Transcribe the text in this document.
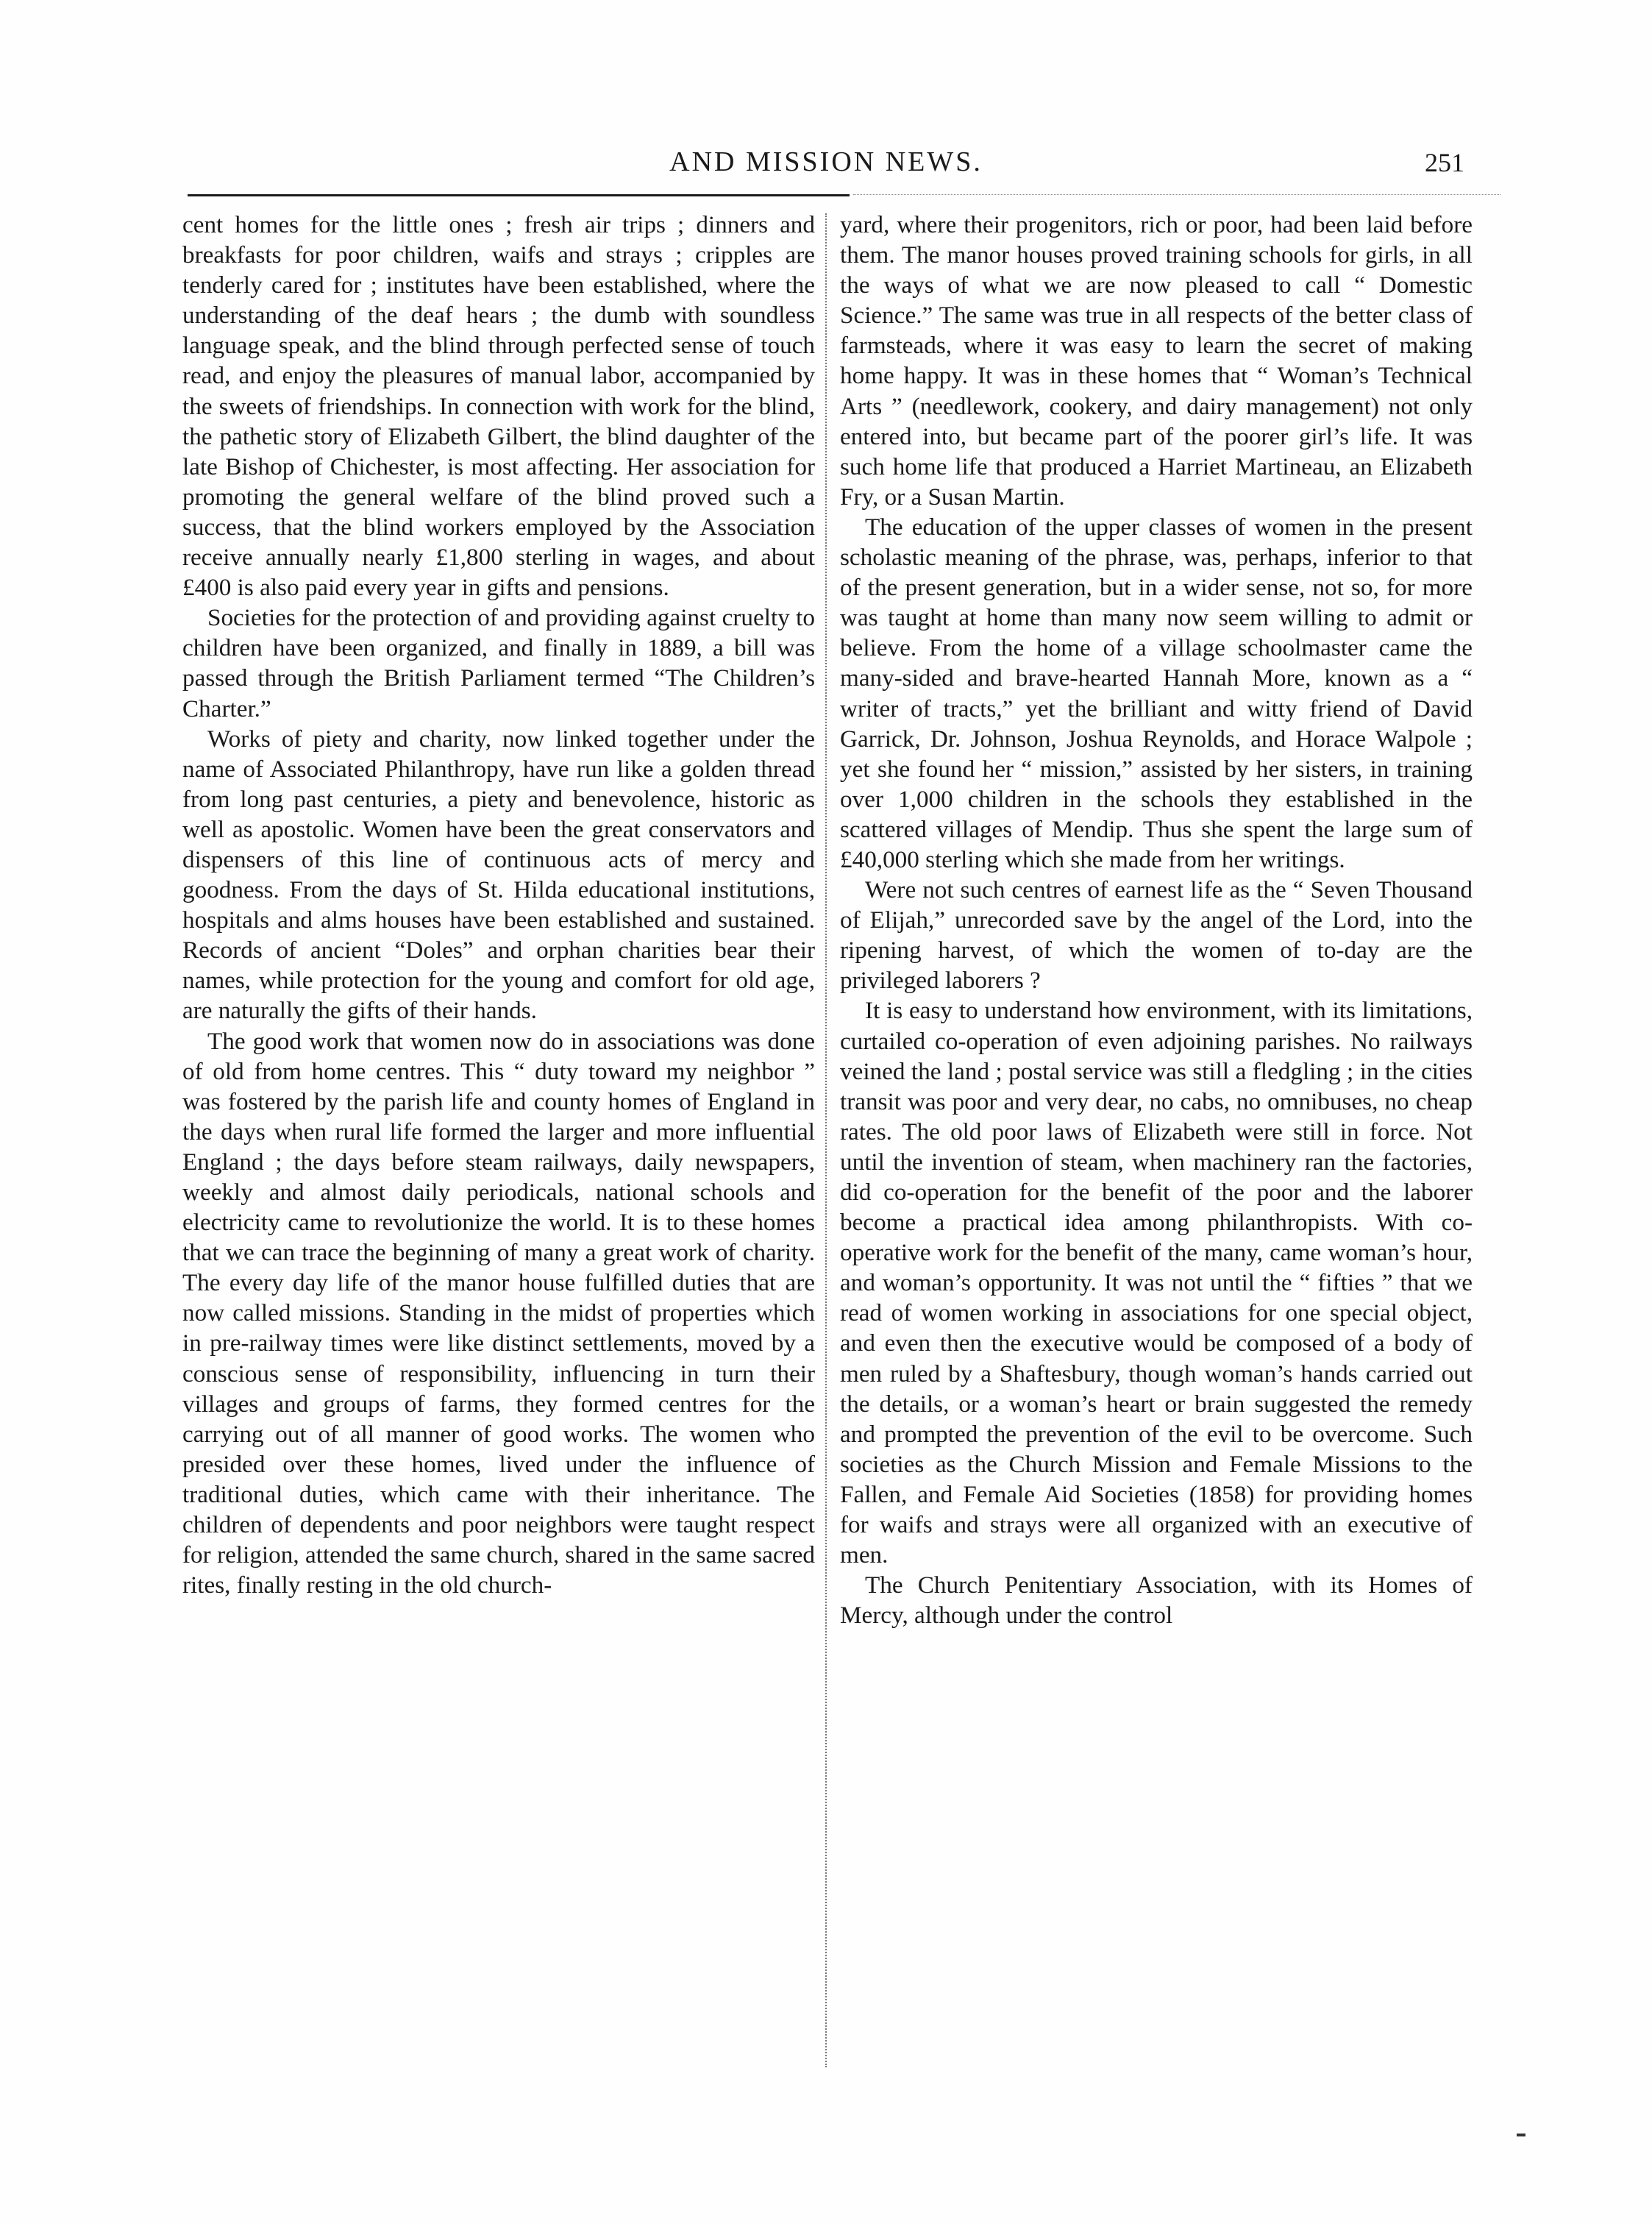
AND MISSION NEWS.	251

cent homes for the little ones ; fresh air trips ; dinners and breakfasts for poor children, waifs and strays ; cripples are tenderly cared for ; institutes have been established, where the understanding of the deaf hears ; the dumb with soundless language speak, and the blind through perfected sense of touch read, and enjoy the pleasures of manual labor, accompanied by the sweets of friendships. In connection with work for the blind, the pathetic story of Elizabeth Gilbert, the blind daughter of the late Bishop of Chichester, is most affecting. Her association for promoting the general welfare of the blind proved such a success, that the blind workers employed by the Association receive annually nearly £1,800 sterling in wages, and about £400 is also paid every year in gifts and pensions.

Societies for the protection of and providing against cruelty to children have been organized, and finally in 1889, a bill was passed through the British Parliament termed “The Children’s Charter.”

Works of piety and charity, now linked together under the name of Associated Philanthropy, have run like a golden thread from long past centuries, a piety and benevolence, historic as well as apostolic. Women have been the great conservators and dispensers of this line of continuous acts of mercy and goodness. From the days of St. Hilda educational institutions, hospitals and alms houses have been established and sustained. Records of ancient “Doles” and orphan charities bear their names, while protection for the young and comfort for old age, are naturally the gifts of their hands.

The good work that women now do in associations was done of old from home centres. This “ duty toward my neighbor ” was fostered by the parish life and county homes of England in the days when rural life formed the larger and more influential England ; the days before steam railways, daily newspapers, weekly and almost daily periodicals, national schools and electricity came to revolutionize the world. It is to these homes that we can trace the beginning of many a great work of charity. The every day life of the manor house fulfilled duties that are now called missions. Standing in the midst of properties which in pre-railway times were like distinct settlements, moved by a conscious sense of responsibility, influencing in turn their villages and groups of farms, they formed centres for the carrying out of all manner of good works. The women who presided over these homes, lived under the influence of traditional duties, which came with their inheritance. The children of dependents and poor neighbors were taught respect for religion, attended the same church, shared in the same sacred rites, finally resting in the old church-

yard, where their progenitors, rich or poor, had been laid before them. The manor houses proved training schools for girls, in all the ways of what we are now pleased to call “ Domestic Science.” The same was true in all respects of the better class of farmsteads, where it was easy to learn the secret of making home happy. It was in these homes that “ Woman’s Technical Arts ” (needlework, cookery, and dairy management) not only entered into, but became part of the poorer girl’s life. It was such home life that produced a Harriet Martineau, an Elizabeth Fry, or a Susan Martin.

The education of the upper classes of women in the present scholastic meaning of the phrase, was, perhaps, inferior to that of the present generation, but in a wider sense, not so, for more was taught at home than many now seem willing to admit or believe. From the home of a village schoolmaster came the many-sided and brave-hearted Hannah More, known as a “ writer of tracts,” yet the brilliant and witty friend of David Garrick, Dr. Johnson, Joshua Reynolds, and Horace Walpole ; yet she found her “ mission,” assisted by her sisters, in training over 1,000 children in the schools they established in the scattered villages of Mendip. Thus she spent the large sum of £40,000 sterling which she made from her writings.

Were not such centres of earnest life as the “ Seven Thousand of Elijah,” unrecorded save by the angel of the Lord, into the ripening harvest, of which the women of to-day are the privileged laborers ?

It is easy to understand how environment, with its limitations, curtailed co-operation of even adjoining parishes. No railways veined the land ; postal service was still a fledgling ; in the cities transit was poor and very dear, no cabs, no omnibuses, no cheap rates. The old poor laws of Elizabeth were still in force. Not until the invention of steam, when machinery ran the factories, did co-operation for the benefit of the poor and the laborer become a practical idea among philanthropists. With co-operative work for the benefit of the many, came woman’s hour, and woman’s opportunity. It was not until the “ fifties ” that we read of women working in associations for one special object, and even then the executive would be composed of a body of men ruled by a Shaftesbury, though woman’s hands carried out the details, or a woman’s heart or brain suggested the remedy and prompted the prevention of the evil to be overcome. Such societies as the Church Mission and Female Missions to the Fallen, and Female Aid Societies (1858) for providing homes for waifs and strays were all organized with an executive of men.

The Church Penitentiary Association, with its Homes of Mercy, although under the control
